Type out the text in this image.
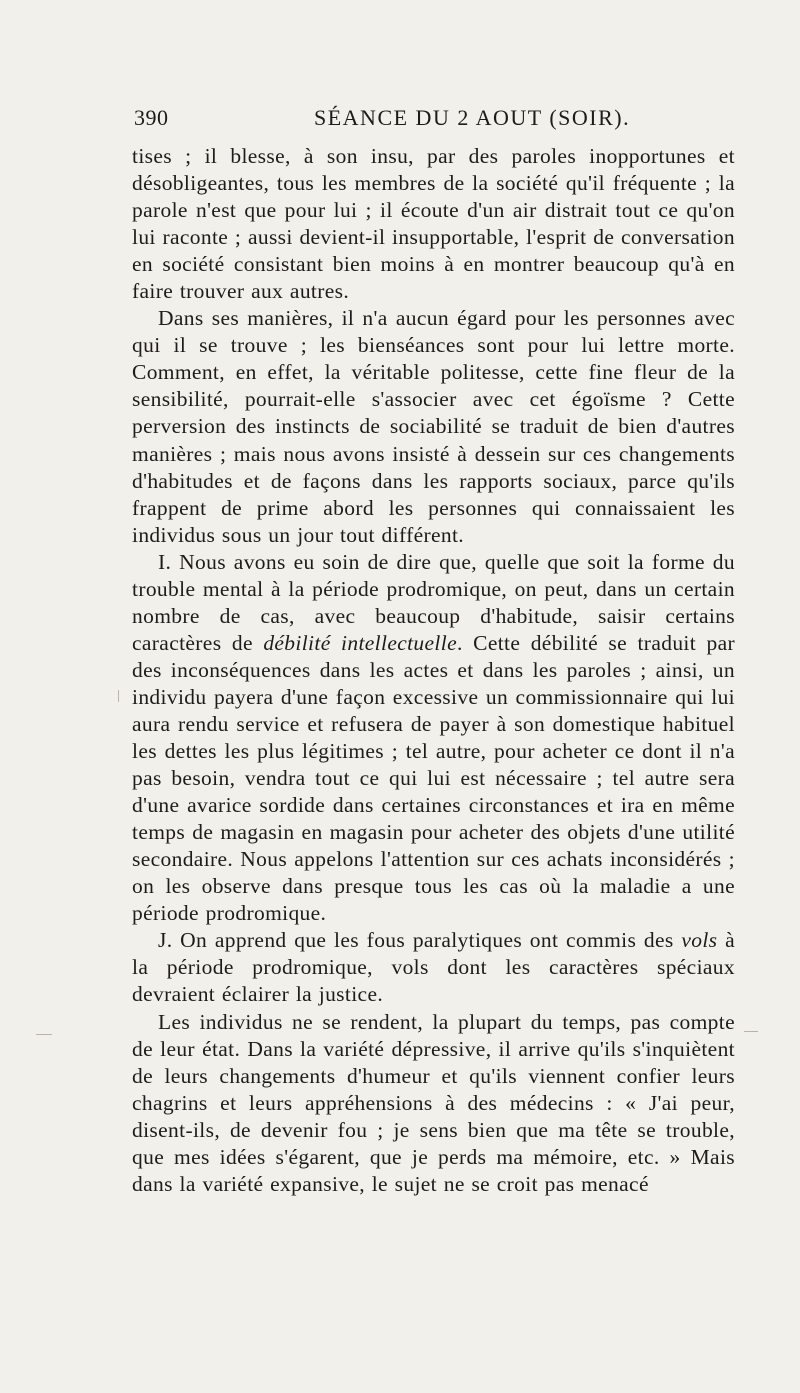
390	SÉANCE DU 2 AOUT (SOIR).

tises ; il blesse, à son insu, par des paroles inopportunes et désobligeantes, tous les membres de la société qu'il fréquente ; la parole n'est que pour lui ; il écoute d'un air distrait tout ce qu'on lui raconte ; aussi devient-il insupportable, l'esprit de conversation en société consistant bien moins à en montrer beaucoup qu'à en faire trouver aux autres.

Dans ses manières, il n'a aucun égard pour les personnes avec qui il se trouve ; les bienséances sont pour lui lettre morte. Comment, en effet, la véritable politesse, cette fine fleur de la sensibilité, pourrait-elle s'associer avec cet égoïsme ? Cette perversion des instincts de sociabilité se traduit de bien d'autres manières ; mais nous avons insisté à dessein sur ces changements d'habitudes et de façons dans les rapports sociaux, parce qu'ils frappent de prime abord les personnes qui connaissaient les individus sous un jour tout différent.

I. Nous avons eu soin de dire que, quelle que soit la forme du trouble mental à la période prodromique, on peut, dans un certain nombre de cas, avec beaucoup d'habitude, saisir certains caractères de débilité intellectuelle. Cette débilité se traduit par des inconséquences dans les actes et dans les paroles ; ainsi, un individu payera d'une façon excessive un commissionnaire qui lui aura rendu service et refusera de payer à son domestique habituel les dettes les plus légitimes ; tel autre, pour acheter ce dont il n'a pas besoin, vendra tout ce qui lui est nécessaire ; tel autre sera d'une avarice sordide dans certaines circonstances et ira en même temps de magasin en magasin pour acheter des objets d'une utilité secondaire. Nous appelons l'attention sur ces achats inconsidérés ; on les observe dans presque tous les cas où la maladie a une période prodromique.

J. On apprend que les fous paralytiques ont commis des vols à la période prodromique, vols dont les caractères spéciaux devraient éclairer la justice.

Les individus ne se rendent, la plupart du temps, pas compte de leur état. Dans la variété dépressive, il arrive qu'ils s'inquiètent de leurs changements d'humeur et qu'ils viennent confier leurs chagrins et leurs appréhensions à des médecins : « J'ai peur, disent-ils, de devenir fou ; je sens bien que ma tête se trouble, que mes idées s'égarent, que je perds ma mémoire, etc. » Mais dans la variété expansive, le sujet ne se croit pas menacé
